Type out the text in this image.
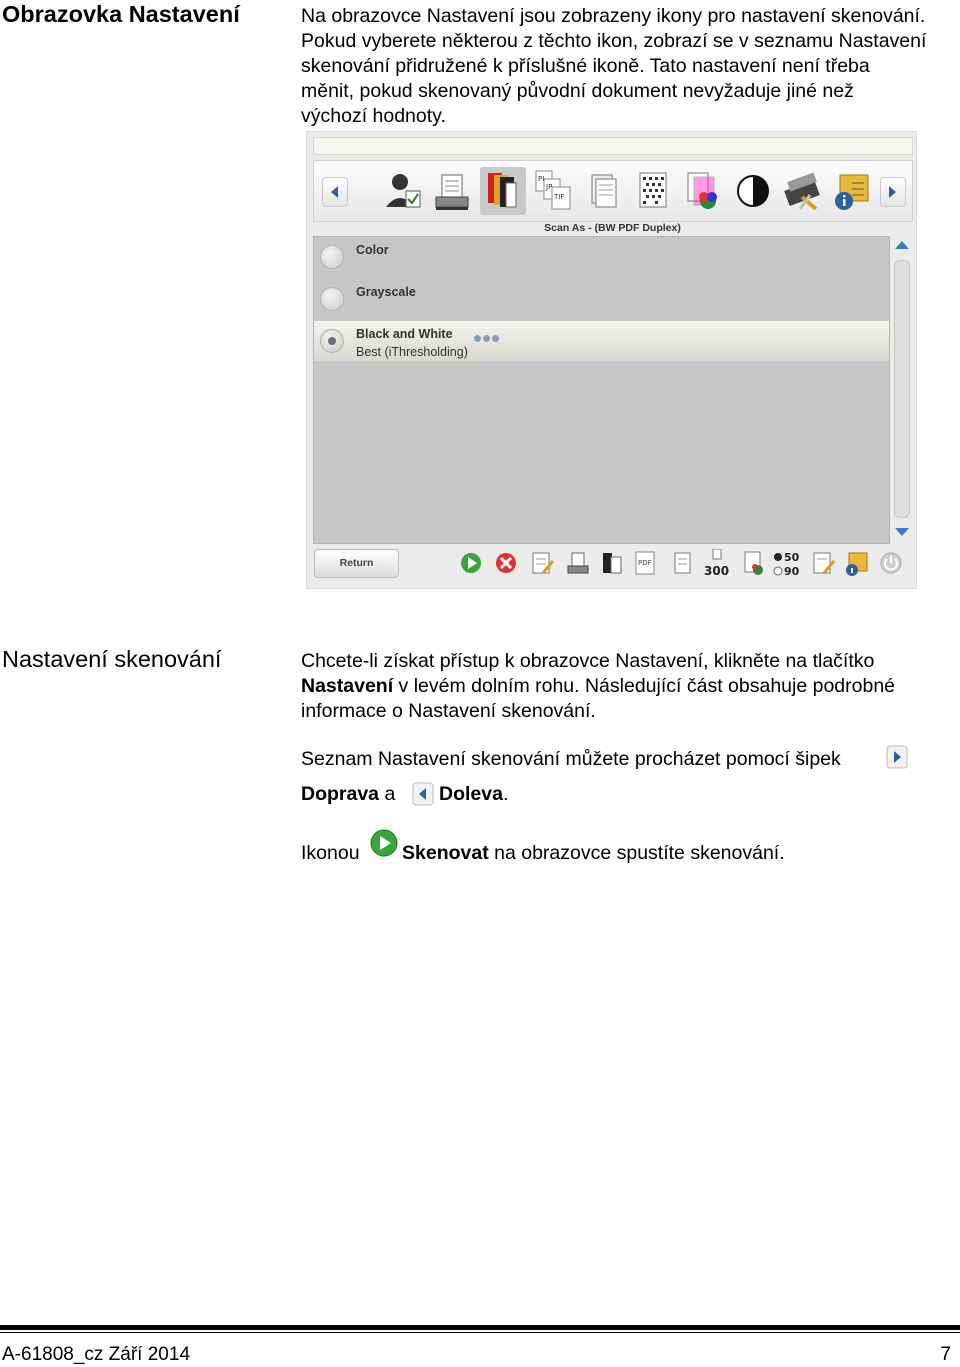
Obrazovka Nastavení	Na obrazovce Nastavení jsou zobrazeny ikony pro nastavení skenování.
Pokud vyberete některou z těchto ikon, zobrazí se v seznamu Nastavení
skenování přidružené k příslušné ikoně. Tato nastavení není třeba
měnit, pokud skenovaný původní dokument nevyžaduje jiné než
výchozí hodnoty.
PI
JP
TIF
Scan As - (BW PDF Duplex)
Color
Grayscale
Black and White
Best (iThresholding)
Return	PDF
300
50
90
Nastavení skenování	Chcete-li získat přístup k obrazovce Nastavení, klikněte na tlačítko
Nastavení v levém dolním rohu. Následující část obsahuje podrobné
informace o Nastavení skenování.
Seznam Nastavení skenování můžete procházet pomocí šipek
Doprava a Doleva.
Ikonou Skenovat na obrazovce spustíte skenování.
A-61808_cz Září 2014	7
